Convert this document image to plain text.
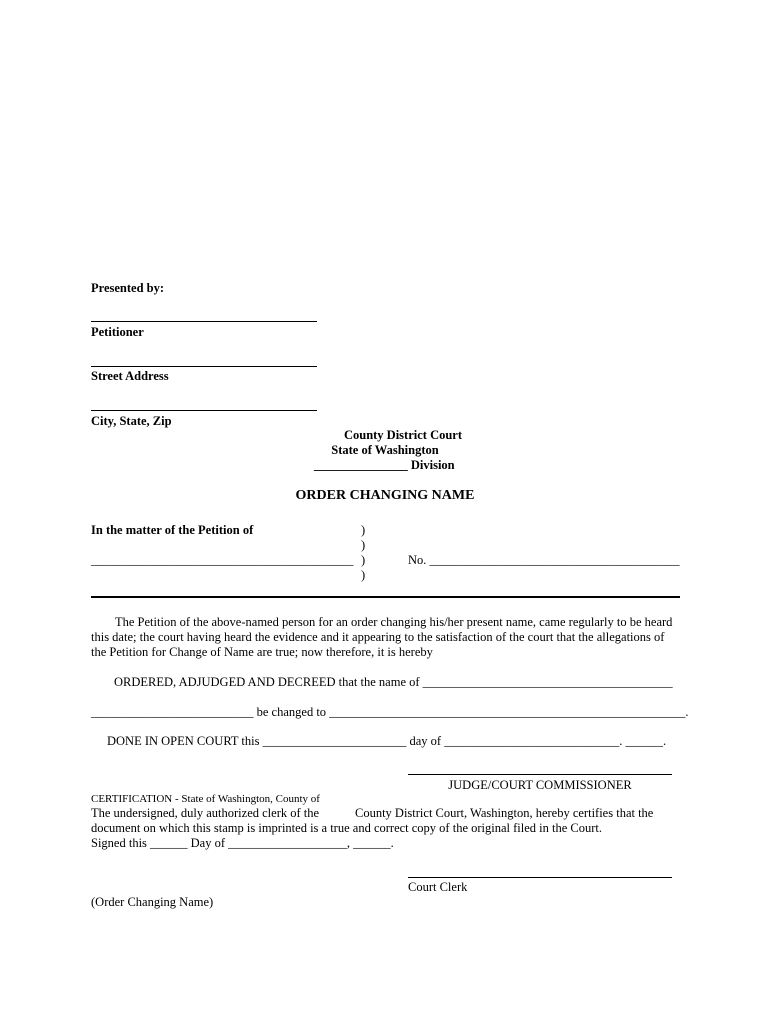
Presented by:
Petitioner
Street Address
City, State, Zip
County District Court
State of Washington
_______________ Division
ORDER CHANGING NAME
In the matter of the Petition of	)
)
)
)
__________________________________________	No. ________________________________________
The Petition of the above-named person for an order changing his/her present name, came regularly to be heard this date; the court having heard the evidence and it appearing to the satisfaction of the court that the allegations of the Petition for Change of Name are true; now therefore, it is hereby
ORDERED, ADJUDGED AND DECREED that the name of ________________________________________
__________________________ be changed to _________________________________________________________.
DONE IN OPEN COURT this _______________________ day of ____________________________. ______.
JUDGE/COURT COMMISSIONER
CERTIFICATION - State of Washington, County of
The undersigned, duly authorized clerk of the	County District Court, Washington, hereby certifies that the
document on which this stamp is imprinted is a true and correct copy of the original filed in the Court.
Signed this ______ Day of ___________________, ______.
Court Clerk
(Order Changing Name)
